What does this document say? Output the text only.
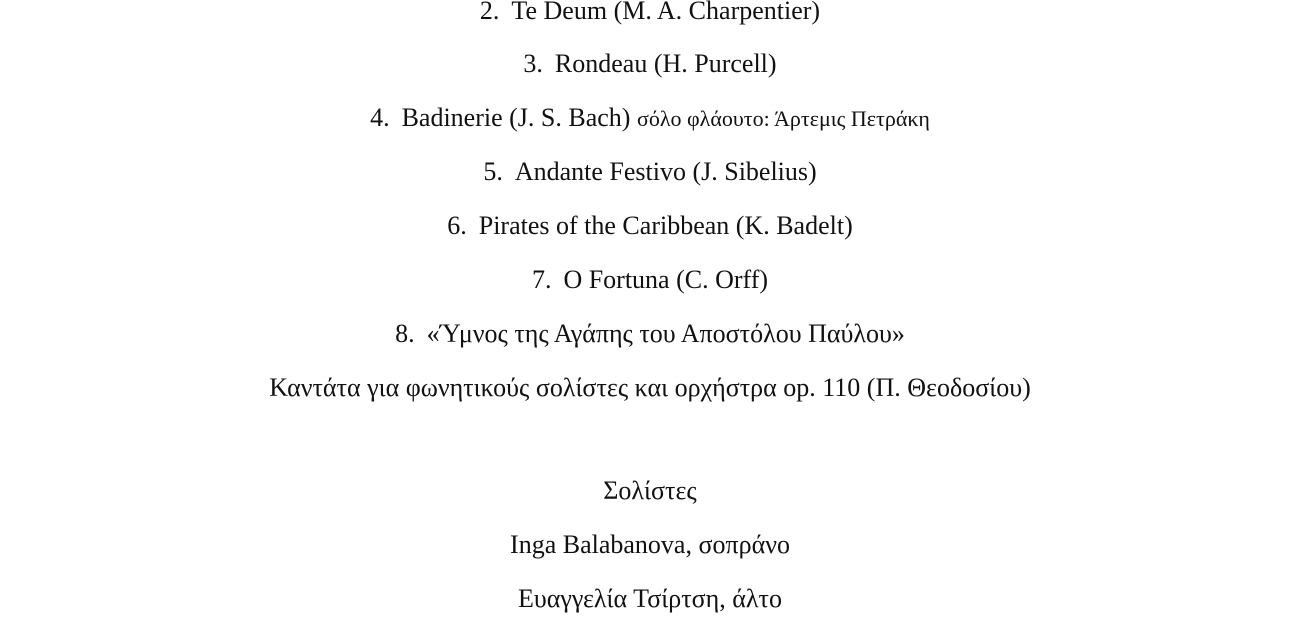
2. Te Deum (M. A. Charpentier)
3. Rondeau (H. Purcell)
4. Badinerie (J. S. Bach) σόλο φλάουτο: Άρτεμις Πετράκη
5. Andante Festivo (J. Sibelius)
6. Pirates of the Caribbean (K. Badelt)
7. O Fortuna (C. Orff)
8. «Ύμνος της Αγάπης του Αποστόλου Παύλου»
Καντάτα για φωνητικούς σολίστες και ορχήστρα op. 110 (Π. Θεοδοσίου)
Σολίστες
Inga Balabanova, σοπράνο
Ευαγγελία Τσίρτση, άλτο
